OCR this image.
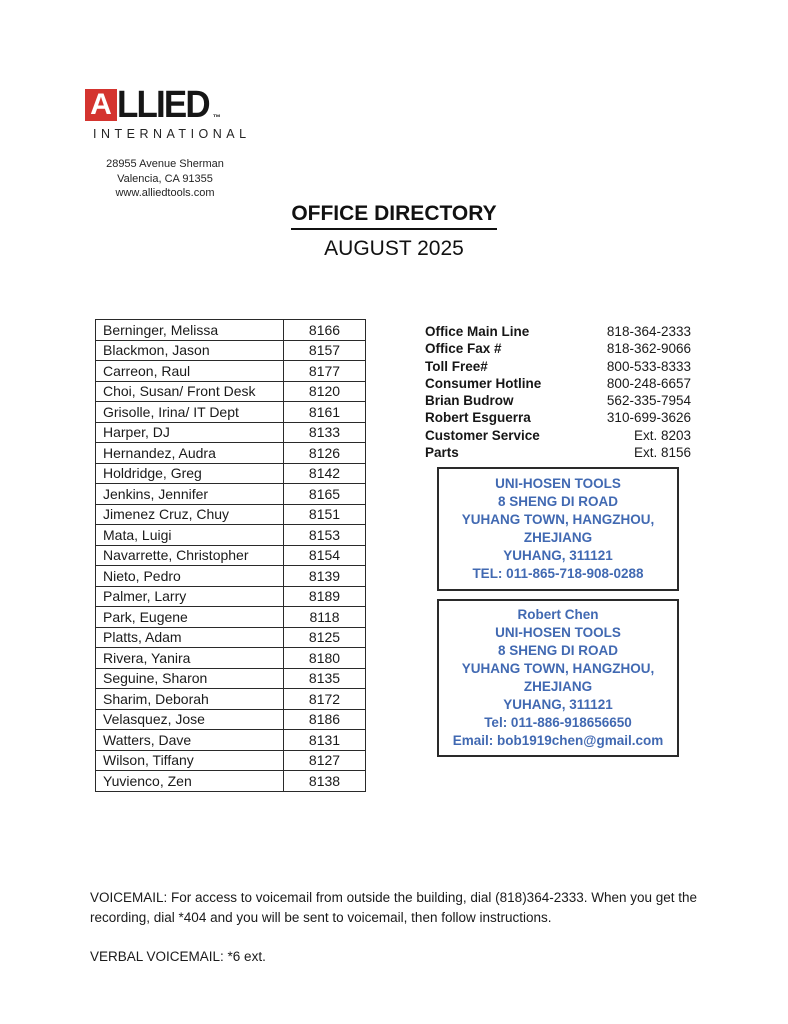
A LLIED ™
INTERNATIONAL
28955 Avenue Sherman
Valencia, CA 91355
www.alliedtools.com
OFFICE DIRECTORY
AUGUST 2025
Berninger, Melissa	8166
Blackmon, Jason	8157
Carreon, Raul	8177
Choi, Susan/ Front Desk	8120
Grisolle, Irina/ IT Dept	8161
Harper, DJ	8133
Hernandez, Audra	8126
Holdridge, Greg	8142
Jenkins, Jennifer	8165
Jimenez Cruz, Chuy	8151
Mata, Luigi	8153
Navarrette, Christopher	8154
Nieto, Pedro	8139
Palmer, Larry	8189
Park, Eugene	8118
Platts, Adam	8125
Rivera, Yanira	8180
Seguine, Sharon	8135
Sharim, Deborah	8172
Velasquez, Jose	8186
Watters, Dave	8131
Wilson, Tiffany	8127
Yuvienco, Zen	8138
Office Main Line	818-364-2333
Office Fax #	818-362-9066
Toll Free#	800-533-8333
Consumer Hotline	800-248-6657
Brian Budrow	562-335-7954
Robert Esguerra	310-699-3626
Customer Service	Ext. 8203
Parts	Ext. 8156
UNI-HOSEN TOOLS
8 SHENG DI ROAD
YUHANG TOWN, HANGZHOU,
ZHEJIANG
YUHANG, 311121
TEL: 011-865-718-908-0288
Robert Chen
UNI-HOSEN TOOLS
8 SHENG DI ROAD
YUHANG TOWN, HANGZHOU,
ZHEJIANG
YUHANG, 311121
Tel: 011-886-918656650
Email: bob1919chen@gmail.com

VOICEMAIL: For access to voicemail from outside the building, dial (818)364-2333. When you get the recording, dial *404 and you will be sent to voicemail, then follow instructions.

VERBAL VOICEMAIL: *6 ext.
